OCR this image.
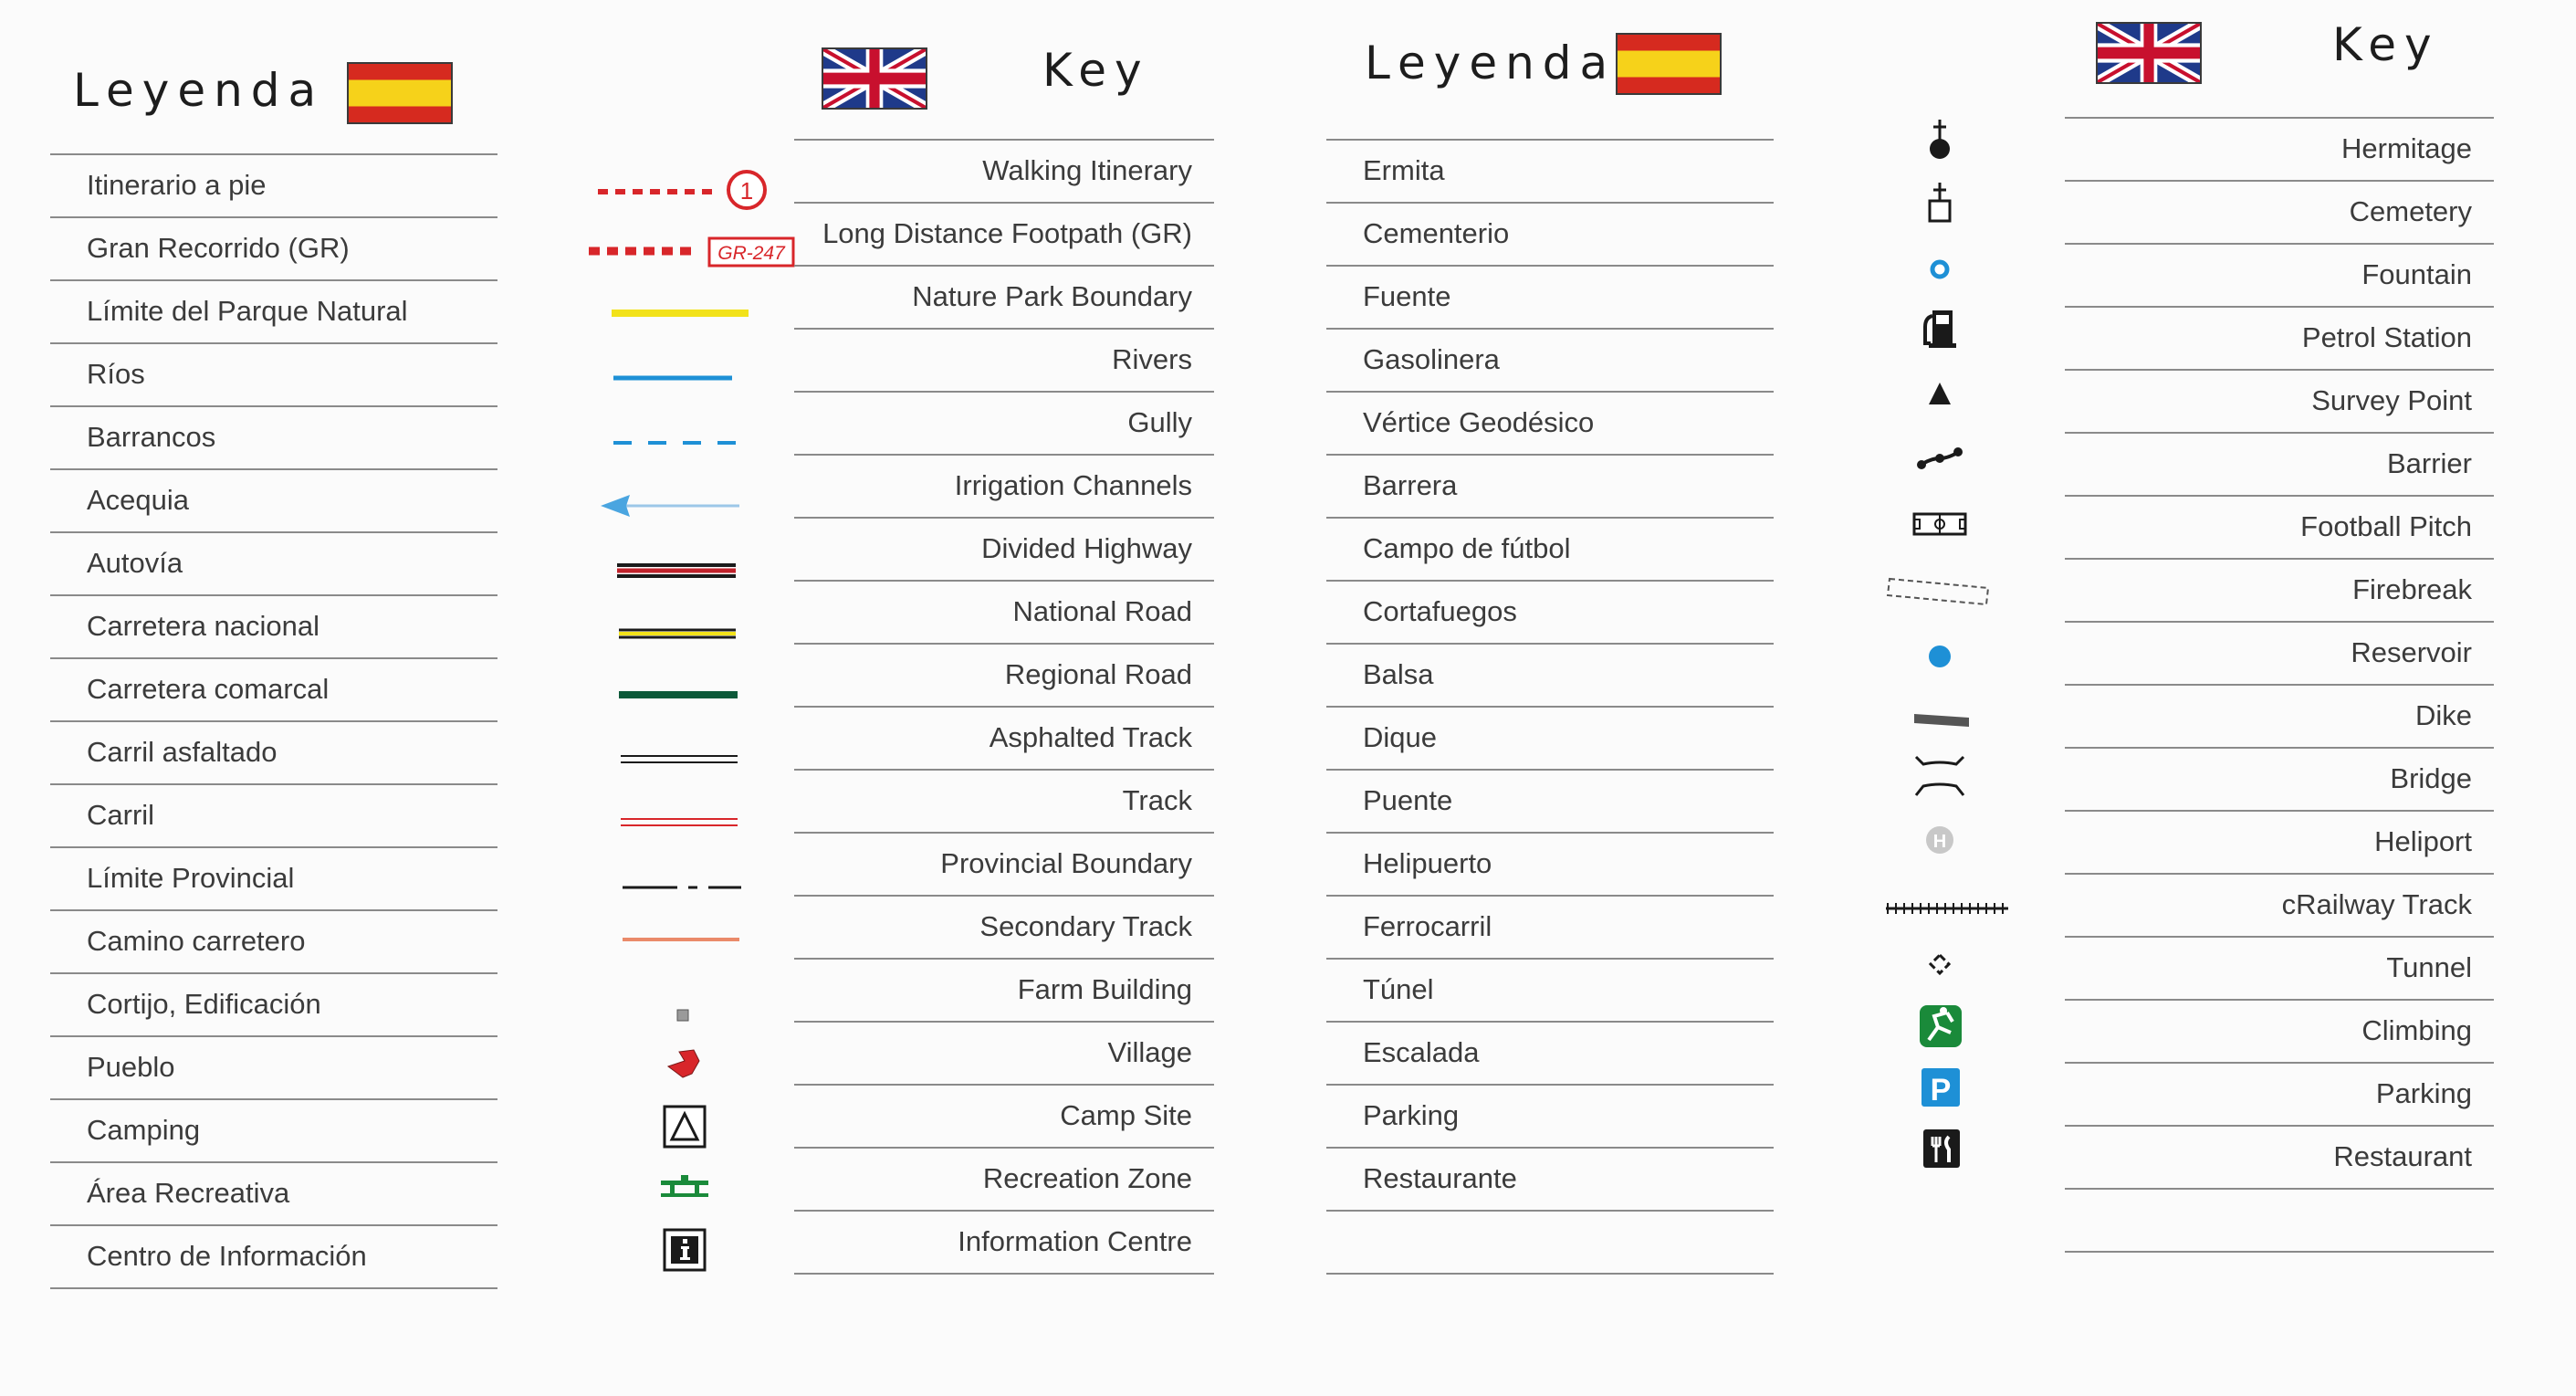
Leyenda	Key
Itinerario a pie
Gran Recorrido (GR)
Límite del Parque Natural
Ríos
Barrancos
Acequia
Autovía
Carretera nacional
Carretera comarcal
Carril asfaltado
Carril
Límite Provincial
Camino carretero
Cortijo, Edificación
Pueblo
Camping
Área Recreativa
Centro de Información
1
GR-247
Walking Itinerary
Long Distance Footpath (GR)
Nature Park Boundary
Rivers
Gully
Irrigation Channels
Divided Highway
National Road
Regional Road
Asphalted Track
Track
Provincial Boundary
Secondary Track
Farm Building
Village
Camp Site
Recreation Zone
Information Centre
Leyenda	Key
Ermita
Cementerio
Fuente
Gasolinera
Vértice Geodésico
Barrera
Campo de fútbol
Cortafuegos
Balsa
Dique
Puente
Helipuerto
Ferrocarril
Túnel
Escalada
Parking
Restaurante
H
P
Hermitage
Cemetery
Fountain
Petrol Station
Survey Point
Barrier
Football Pitch
Firebreak
Reservoir
Dike
Bridge
Heliport
cRailway Track
Tunnel
Climbing
Parking
Restaurant
